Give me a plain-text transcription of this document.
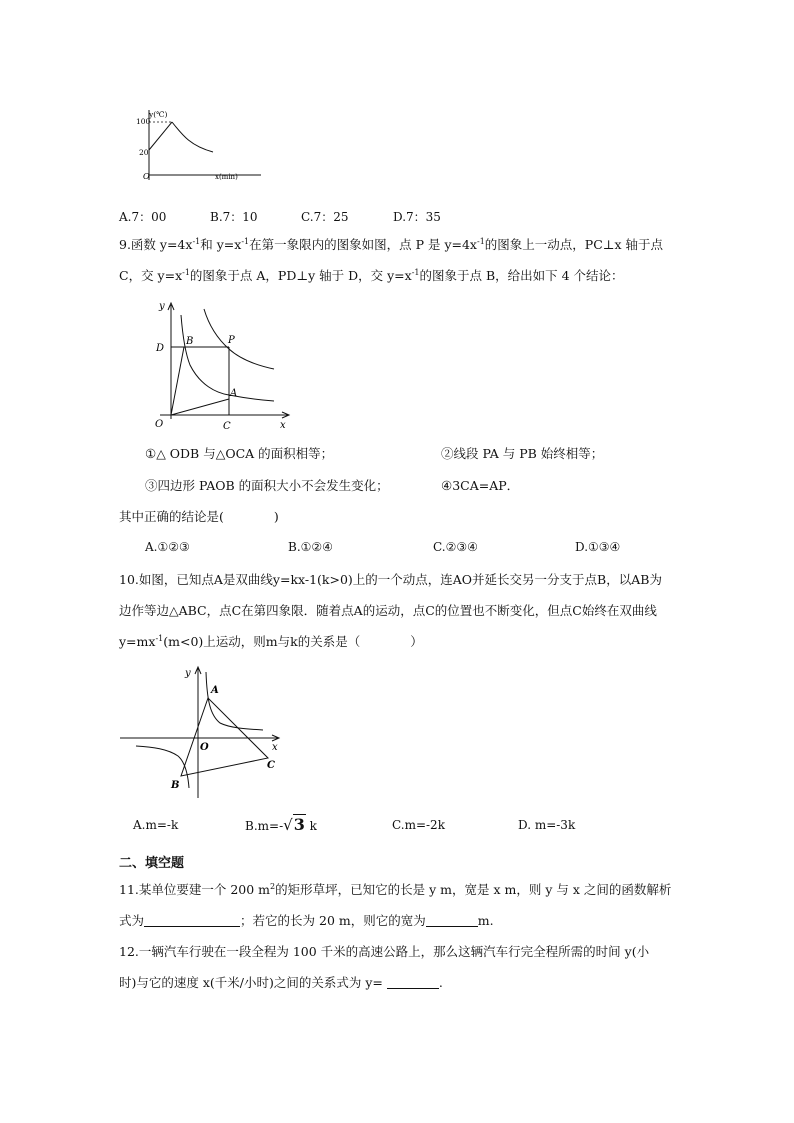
y(℃)
100
20
O	x(min)
A.7：00	B.7：10	C.7：25	D.7：35
9.函数 $y=4x^{-1}$和 $y=x^{-1}$在第一象限内的图象如图，点 P 是 $y=4x^{-1}$的图象上一动点，PC⊥x 轴于点
C，交 $y=x^{-1}$的图象于点 A，PD⊥y 轴于 D，交 $y=x^{-1}$的图象于点 B，给出如下 4 个结论：
y
x
O
D
B	P
A
C
①△ ODB 与△OCA 的面积相等；	②线段 PA 与 PB 始终相等；
③四边形 PAOB 的面积大小不会发生变化；	④3CA=AP．
其中正确的结论是(　　　　)
A.①②③	B.①②④	C.②③④	D.①③④
10.如图，已知点A是双曲线y=kx-1(k>0)上的一个动点，连AO并延长交另一分支于点B，以AB为
边作等边△ABC，点C在第四象限．随着点A的运动，点C的位置也不断变化，但点C始终在双曲线
$y=mx^{-1}(m<0)$上运动，则m与k的关系是（　　　　）
y
x
O
A
B
C
A.m=-k	B.m=-√3 k	C.m=-2k	D. m=-3k
二、填空题
11.某单位要建一个 200 $m^2$的矩形草坪，已知它的长是 y m，宽是 x m，则 y 与 x 之间的函数解析
式为	；若它的长为 20 m，则它的宽为	m.
12.一辆汽车行驶在一段全程为 100 千米的高速公路上，那么这辆汽车行完全程所需的时间 y(小
时)与它的速度 x(千米/小时)之间的关系式为 y=	.
